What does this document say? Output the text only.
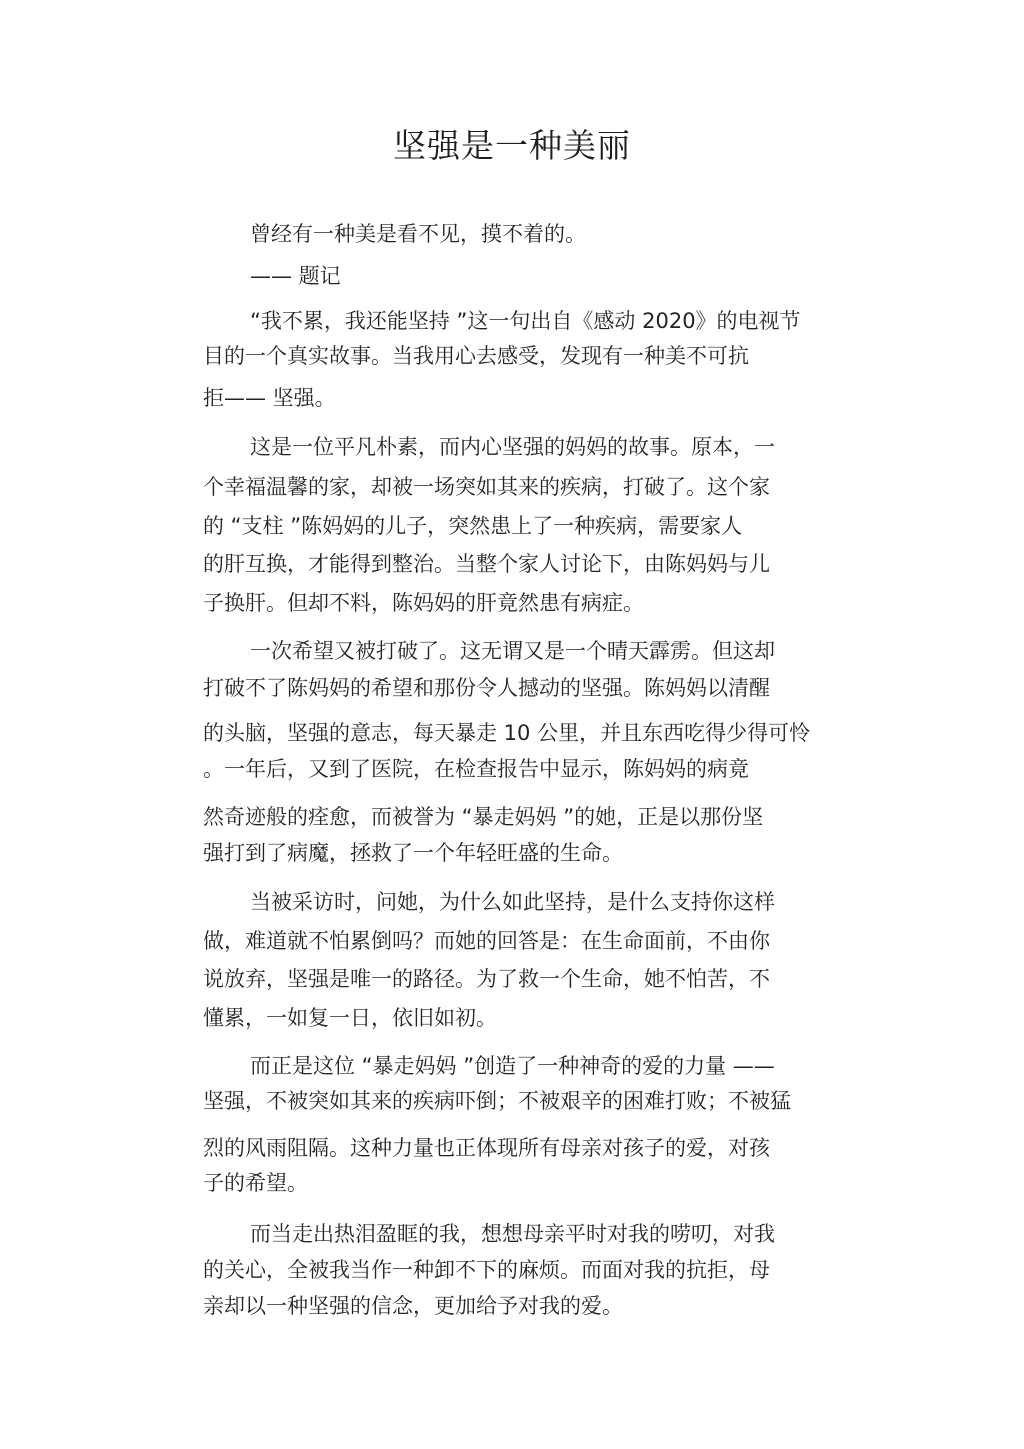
坚强是一种美丽
曾经有一种美是看不见，摸不着的。
—— 题记
“我不累，我还能坚持 ”这一句出自《感动 2020》的电视节
目的一个真实故事。当我用心去感受，发现有一种美不可抗
拒—— 坚强。
这是一位平凡朴素，而内心坚强的妈妈的故事。原本，一
个幸福温馨的家，却被一场突如其来的疾病，打破了。这个家
的 “支柱 ”陈妈妈的儿子，突然患上了一种疾病，需要家人
的肝互换，才能得到整治。当整个家人讨论下，由陈妈妈与儿
子换肝。但却不料，陈妈妈的肝竟然患有病症。
一次希望又被打破了。这无谓又是一个晴天霹雳。但这却
打破不了陈妈妈的希望和那份令人撼动的坚强。陈妈妈以清醒
的头脑，坚强的意志，每天暴走 10 公里，并且东西吃得少得可怜
。一年后，又到了医院，在检查报告中显示，陈妈妈的病竟
然奇迹般的痊愈，而被誉为 “暴走妈妈 ”的她，正是以那份坚
强打到了病魔，拯救了一个年轻旺盛的生命。
当被采访时，问她，为什么如此坚持，是什么支持你这样
做，难道就不怕累倒吗？而她的回答是：在生命面前，不由你
说放弃，坚强是唯一的路径。为了救一个生命，她不怕苦，不
懂累，一如复一日，依旧如初。
而正是这位 “暴走妈妈 ”创造了一种神奇的爱的力量 ——
坚强，不被突如其来的疾病吓倒；不被艰辛的困难打败；不被猛
烈的风雨阻隔。这种力量也正体现所有母亲对孩子的爱，对孩
子的希望。
而当走出热泪盈眶的我，想想母亲平时对我的唠叨，对我
的关心，全被我当作一种卸不下的麻烦。而面对我的抗拒，母
亲却以一种坚强的信念，更加给予对我的爱。
